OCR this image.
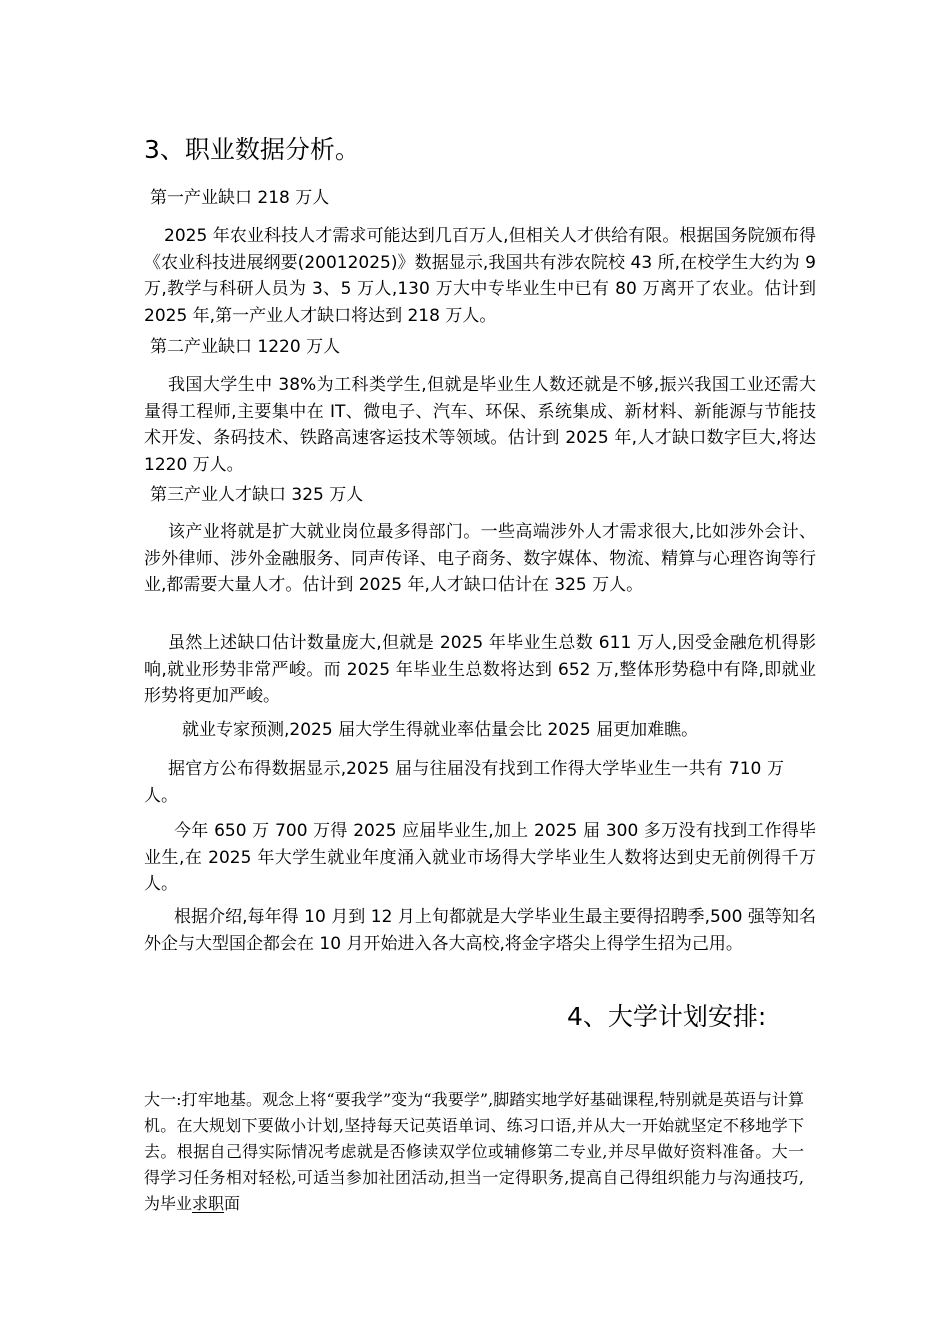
3、职业数据分析。

第一产业缺口 218 万人

2025 年农业科技人才需求可能达到几百万人,但相关人才供给有限。根据国务院颁布得《农业科技进展纲要(20012025)》数据显示,我国共有涉农院校 43 所,在校学生大约为 9 万,教学与科研人员为 3、5 万人,130 万大中专毕业生中已有 80 万离开了农业。估计到 2025 年,第一产业人才缺口将达到 218 万人。

第二产业缺口 1220 万人

我国大学生中 38%为工科类学生,但就是毕业生人数还就是不够,振兴我国工业还需大量得工程师,主要集中在 IT、微电子、汽车、环保、系统集成、新材料、新能源与节能技术开发、条码技术、铁路高速客运技术等领域。估计到 2025 年,人才缺口数字巨大,将达 1220 万人。

第三产业人才缺口 325 万人

该产业将就是扩大就业岗位最多得部门。一些高端涉外人才需求很大,比如涉外会计、涉外律师、涉外金融服务、同声传译、电子商务、数字媒体、物流、精算与心理咨询等行业,都需要大量人才。估计到 2025 年,人才缺口估计在 325 万人。

虽然上述缺口估计数量庞大,但就是 2025 年毕业生总数 611 万人,因受金融危机得影响,就业形势非常严峻。而 2025 年毕业生总数将达到 652 万,整体形势稳中有降,即就业形势将更加严峻。

就业专家预测,2025 届大学生得就业率估量会比 2025 届更加难瞧。

据官方公布得数据显示,2025 届与往届没有找到工作得大学毕业生一共有 710 万人。

今年 650 万 700 万得 2025 应届毕业生,加上 2025 届 300 多万没有找到工作得毕业生,在 2025 年大学生就业年度涌入就业市场得大学毕业生人数将达到史无前例得千万人。

根据介绍,每年得 10 月到 12 月上旬都就是大学毕业生最主要得招聘季,500 强等知名外企与大型国企都会在 10 月开始进入各大高校,将金字塔尖上得学生招为己用。

4、大学计划安排:

大一:打牢地基。观念上将“要我学”变为“我要学”,脚踏实地学好基础课程,特别就是英语与计算机。在大规划下要做小计划,坚持每天记英语单词、练习口语,并从大一开始就坚定不移地学下去。根据自己得实际情况考虑就是否修读双学位或辅修第二专业,并尽早做好资料准备。大一得学习任务相对轻松,可适当参加社团活动,担当一定得职务,提高自己得组织能力与沟通技巧,为毕业求职面
